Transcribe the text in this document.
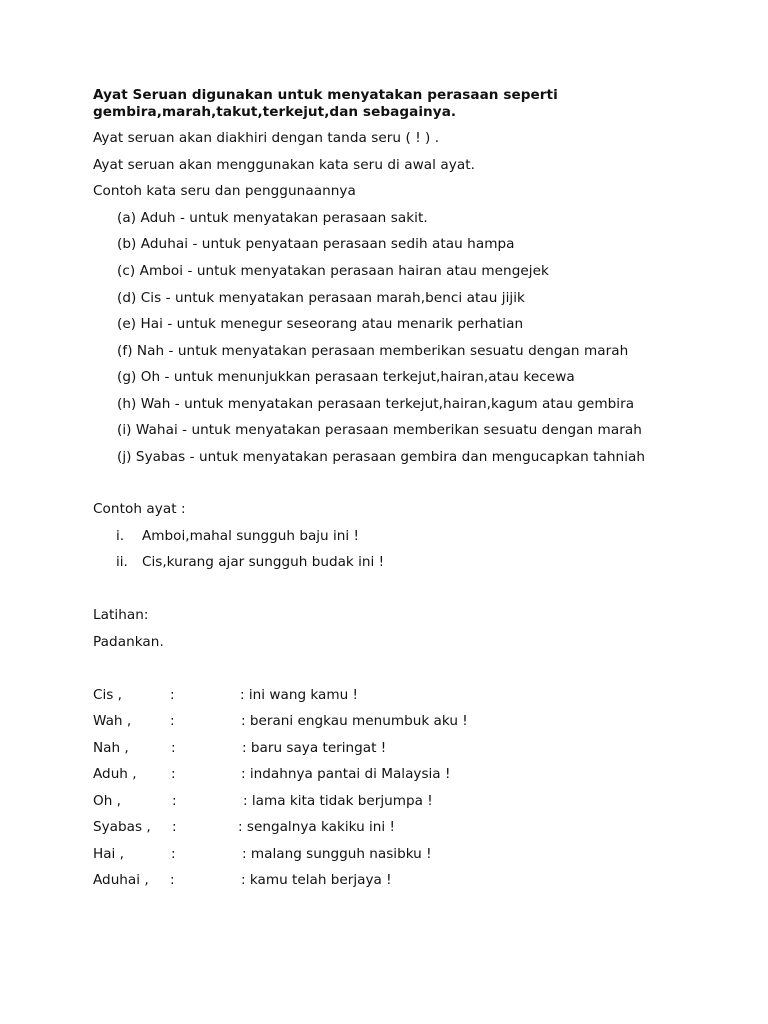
Ayat Seruan digunakan untuk menyatakan perasaan seperti
gembira,marah,takut,terkejut,dan sebagainya.
Ayat seruan akan diakhiri dengan tanda seru ( ! ) .
Ayat seruan akan menggunakan kata seru di awal ayat.
Contoh kata seru dan penggunaannya
(a) Aduh - untuk menyatakan perasaan sakit.
(b) Aduhai - untuk penyataan perasaan sedih atau hampa
(c) Amboi - untuk menyatakan perasaan hairan atau mengejek
(d) Cis - untuk menyatakan perasaan marah,benci atau jijik
(e) Hai - untuk menegur seseorang atau menarik perhatian
(f) Nah - untuk menyatakan perasaan memberikan sesuatu dengan marah
(g) Oh - untuk menunjukkan perasaan terkejut,hairan,atau kecewa
(h) Wah - untuk menyatakan perasaan terkejut,hairan,kagum atau gembira
(i) Wahai - untuk menyatakan perasaan memberikan sesuatu dengan marah
(j) Syabas - untuk menyatakan perasaan gembira dan mengucapkan tahniah
Contoh ayat :
i. Amboi,mahal sungguh baju ini !
ii. Cis,kurang ajar sungguh budak ini !
Latihan:
Padankan.
Cis ,	:	: ini wang kamu !
Wah ,	:	: berani engkau menumbuk aku !
Nah ,	:	: baru saya teringat !
Aduh ,	:	: indahnya pantai di Malaysia !
Oh ,	:	: lama kita tidak berjumpa !
Syabas , :	: sengalnya kakiku ini !
Hai ,	:	: malang sungguh nasibku !
Aduhai , :	: kamu telah berjaya !
